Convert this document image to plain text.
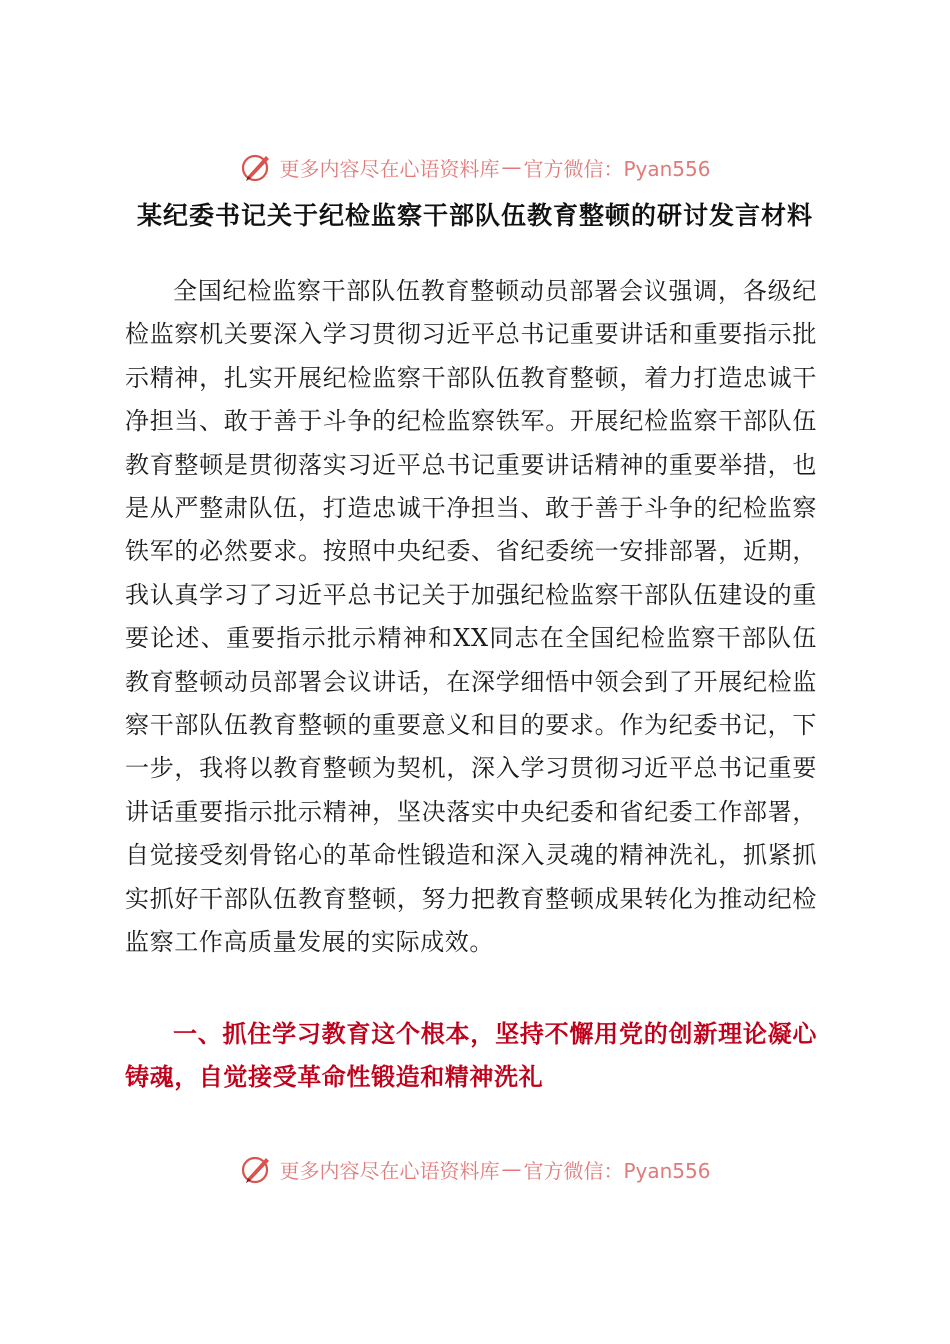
更多内容尽在心语资料库 — 官方微信：Pyan556
某纪委书记关于纪检监察干部队伍教育整顿的研讨发言材料

全国纪检监察干部队伍教育整顿动员部署会议强调，各级纪检监察机关要深入学习贯彻习近平总书记重要讲话和重要指示批示精神，扎实开展纪检监察干部队伍教育整顿，着力打造忠诚干净担当、敢于善于斗争的纪检监察铁军。开展纪检监察干部队伍教育整顿是贯彻落实习近平总书记重要讲话精神的重要举措，也是从严整肃队伍，打造忠诚干净担当、敢于善于斗争的纪检监察铁军的必然要求。按照中央纪委、省纪委统一安排部署，近期，我认真学习了习近平总书记关于加强纪检监察干部队伍建设的重要论述、重要指示批示精神和XX同志在全国纪检监察干部队伍教育整顿动员部署会议讲话，在深学细悟中领会到了开展纪检监察干部队伍教育整顿的重要意义和目的要求。作为纪委书记，下一步，我将以教育整顿为契机，深入学习贯彻习近平总书记重要讲话重要指示批示精神，坚决落实中央纪委和省纪委工作部署，自觉接受刻骨铭心的革命性锻造和深入灵魂的精神洗礼，抓紧抓实抓好干部队伍教育整顿，努力把教育整顿成果转化为推动纪检监察工作高质量发展的实际成效。

一、抓住学习教育这个根本，坚持不懈用党的创新理论凝心铸魂，自觉接受革命性锻造和精神洗礼

更多内容尽在心语资料库 — 官方微信：Pyan556
